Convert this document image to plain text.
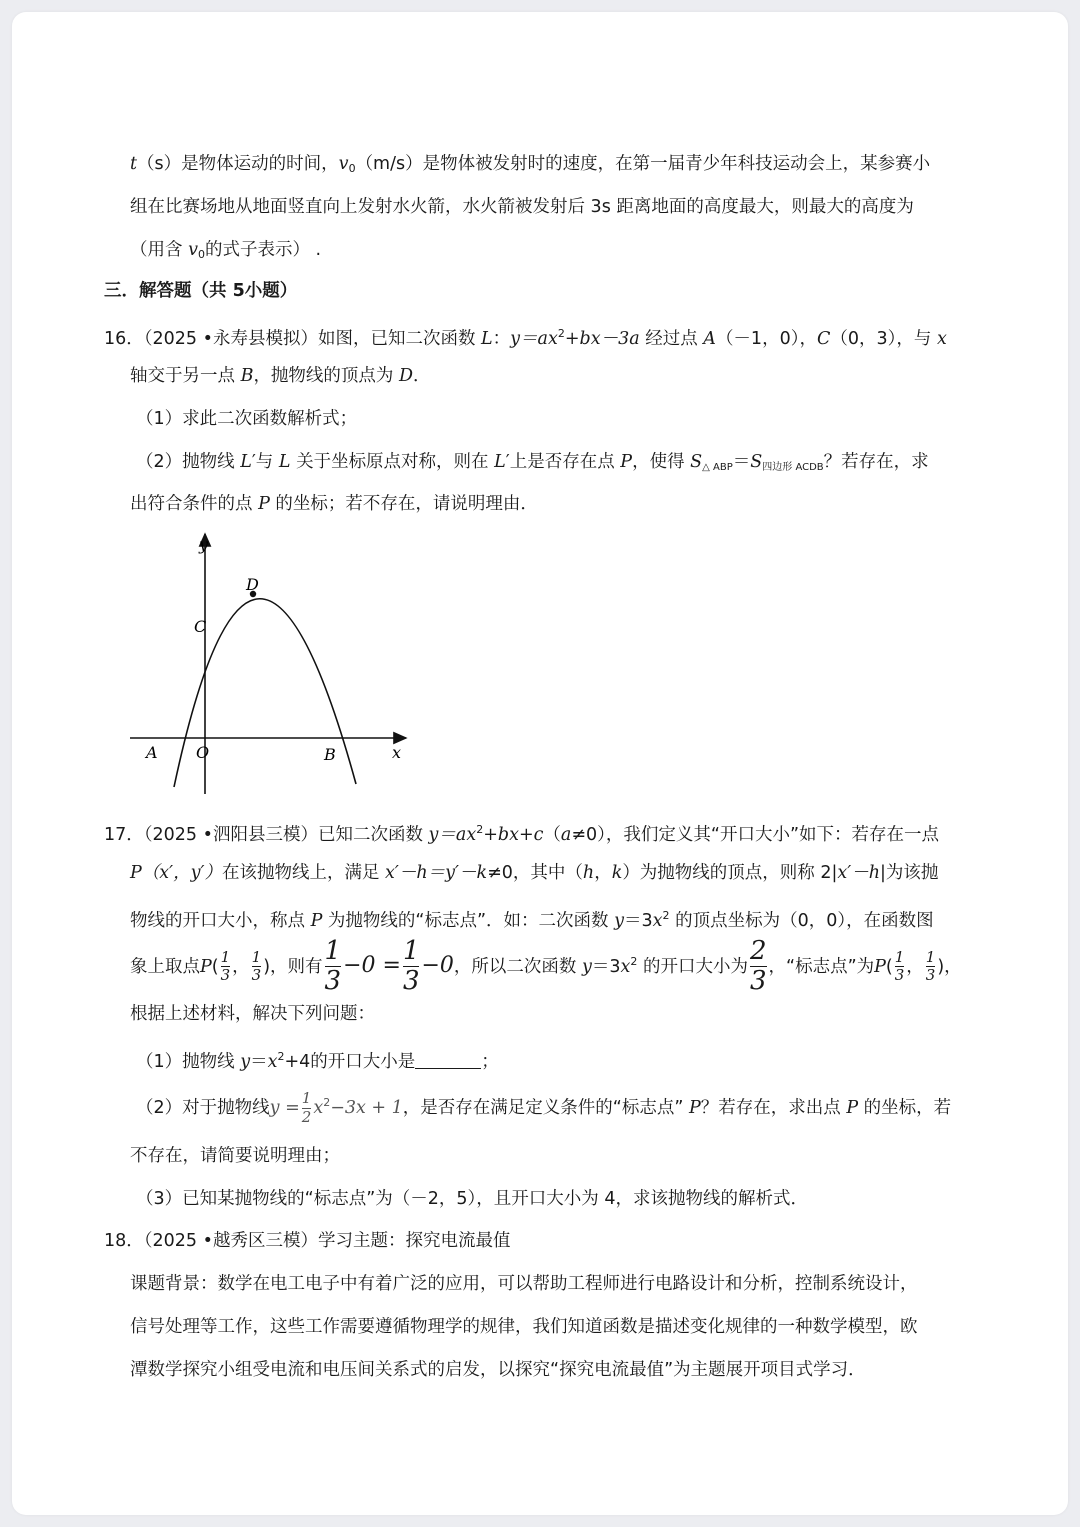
t（s）是物体运动的时间，$v_0(m/s)$是物体被发射时的速度，在第一届青少年科技运动会上，某参赛小
组在比赛场地从地面竖直向上发射水火箭，水火箭被发射后 3s 距离地面的高度最大，则最大的高度为
（用含 $v_0$的式子表示） .
三．解答题（共 5小题）
16．（2025 •永寿县模拟）如图，已知二次函数 L：$y=ax^2+bx-3a$ 经过点 A（－1，0），C（0，3），与 x
轴交于另一点 B，抛物线的顶点为 D．
（1）求此二次函数解析式；
（2）抛物线 L′与 L 关于坐标原点对称，则在 L′上是否存在点 P，使得 $S_{\triangle ABP}=S_{四边形 ACDB}$？若存在，求
出符合条件的点 P 的坐标；若不存在，请说明理由．
y
x
D
C
A O	B
17．（2025 •泗阳县三模）已知二次函数 $y=ax^2+bx+c(a\ne 0)$，我们定义其“开口大小”如下：若存在一点
P（x′，y′）在该抛物线上，满足 x′－h＝y′－k≠0，其中（h，k）为抛物线的顶点，则称 2|x′－h|为该抛
物线的开口大小，称点 P 为抛物线的“标志点”．如：二次函数 $y=3x^2$ 的顶点坐标为（0，0），在函数图
象上取点$P( \frac{1}{3}$ ， $\frac{1}{3}$ )，则有 $\frac{1}{3} -0 = \frac{1}{3} -0$，所以二次函数 $y=3x^2$ 的开口大小为 $\frac{2}{3}$ ，“标志点”为$P( \frac{1}{3}$ ， $\frac{1}{3}$ )，
根据上述材料，解决下列问题：
（1）抛物线 $y=x^2+4$的开口大小是	；
（2）对于抛物线$y = \frac{1}{2} x^2-3x + 1$，是否存在满足定义条件的“标志点” P？若存在，求出点 P 的坐标，若
不存在，请简要说明理由；
（3）已知某抛物线的“标志点”为（－2，5），且开口大小为 4，求该抛物线的解析式．
18．（2025 •越秀区三模）学习主题：探究电流最值
课题背景：数学在电工电子中有着广泛的应用，可以帮助工程师进行电路设计和分析，控制系统设计，
信号处理等工作，这些工作需要遵循物理学的规律，我们知道函数是描述变化规律的一种数学模型，欧
潭数学探究小组受电流和电压间关系式的启发，以探究“探究电流最值”为主题展开项目式学习．
